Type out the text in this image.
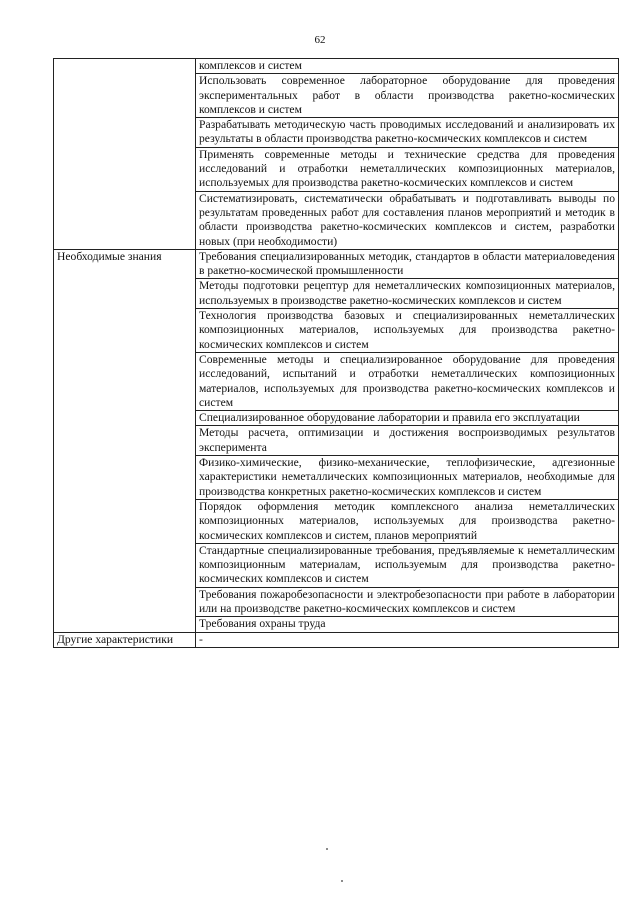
62
	комплексов и систем
	Использовать современное лабораторное оборудование для проведения экспериментальных работ в области производства ракетно-космических комплексов и систем
	Разрабатывать методическую часть проводимых исследований и анализировать их результаты в области производства ракетно-космических комплексов и систем
	Применять современные методы и технические средства для проведения исследований и отработки неметаллических композиционных материалов, используемых для производства ракетно-космических комплексов и систем
	Систематизировать, систематически обрабатывать и подготавливать выводы по результатам проведенных работ для составления планов мероприятий и методик в области производства ракетно-космических комплексов и систем, разработки новых (при необходимости)
Необходимые знания	Требования специализированных методик, стандартов в области материаловедения в ракетно-космической промышленности
	Методы подготовки рецептур для неметаллических композиционных материалов, используемых в производстве ракетно-космических комплексов и систем
	Технология производства базовых и специализированных неметаллических композиционных материалов, используемых для производства ракетно-космических комплексов и систем
	Современные методы и специализированное оборудование для проведения исследований, испытаний и отработки неметаллических композиционных материалов, используемых для производства ракетно-космических комплексов и систем
	Специализированное оборудование лаборатории и правила его эксплуатации
	Методы расчета, оптимизации и достижения воспроизводимых результатов эксперимента
	Физико-химические, физико-механические, теплофизические, адгезионные характеристики неметаллических композиционных материалов, необходимые для производства конкретных ракетно-космических комплексов и систем
	Порядок оформления методик комплексного анализа неметаллических композиционных материалов, используемых для производства ракетно-космических комплексов и систем, планов мероприятий
	Стандартные специализированные требования, предъявляемые к неметаллическим композиционным материалам, используемым для производства ракетно-космических комплексов и систем
	Требования пожаробезопасности и электробезопасности при работе в лаборатории или на производстве ракетно-космических комплексов и систем
	Требования охраны труда
Другие характеристики	-
